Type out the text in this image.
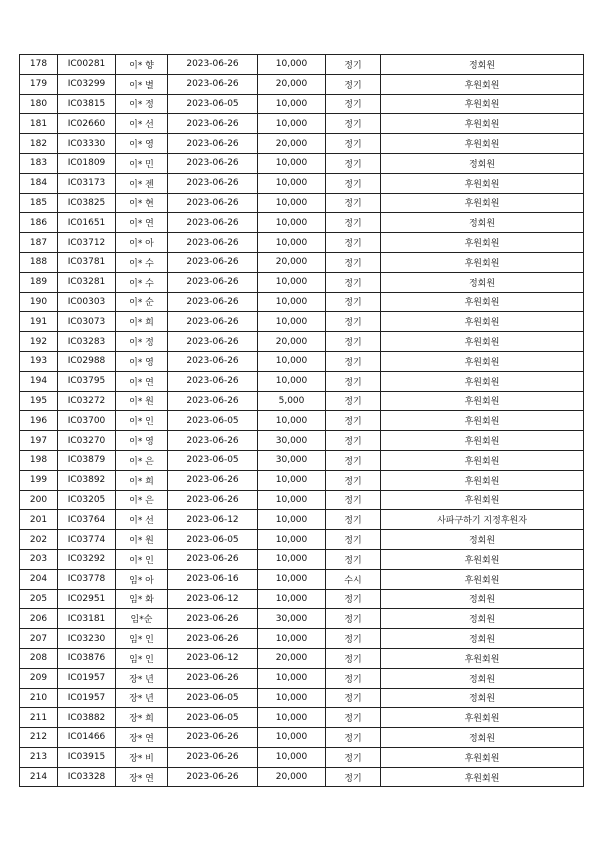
178	IC00281	이* 향	2023-06-26	10,000	정기	정회원
179	IC03299	이* 별	2023-06-26	20,000	정기	후원회원
180	IC03815	이* 정	2023-06-05	10,000	정기	후원회원
181	IC02660	이* 선	2023-06-26	10,000	정기	후원회원
182	IC03330	이* 영	2023-06-26	20,000	정기	후원회원
183	IC01809	이* 민	2023-06-26	10,000	정기	정회원
184	IC03173	이* 젠	2023-06-26	10,000	정기	후원회원
185	IC03825	이* 현	2023-06-26	10,000	정기	후원회원
186	IC01651	이* 연	2023-06-26	10,000	정기	정회원
187	IC03712	이* 아	2023-06-26	10,000	정기	후원회원
188	IC03781	이* 수	2023-06-26	20,000	정기	후원회원
189	IC03281	이* 수	2023-06-26	10,000	정기	정회원
190	IC00303	이* 순	2023-06-26	10,000	정기	후원회원
191	IC03073	이* 희	2023-06-26	10,000	정기	후원회원
192	IC03283	이* 정	2023-06-26	20,000	정기	후원회원
193	IC02988	이* 영	2023-06-26	10,000	정기	후원회원
194	IC03795	이* 연	2023-06-26	10,000	정기	후원회원
195	IC03272	이* 원	2023-06-26	5,000	정기	후원회원
196	IC03700	이* 인	2023-06-05	10,000	정기	후원회원
197	IC03270	이* 영	2023-06-26	30,000	정기	후원회원
198	IC03879	이* 은	2023-06-05	30,000	정기	후원회원
199	IC03892	이* 희	2023-06-26	10,000	정기	후원회원
200	IC03205	이* 은	2023-06-26	10,000	정기	후원회원
201	IC03764	이* 선	2023-06-12	10,000	정기	사파구하기 지정후원자
202	IC03774	이* 원	2023-06-05	10,000	정기	정회원
203	IC03292	이* 인	2023-06-26	10,000	정기	후원회원
204	IC03778	임* 아	2023-06-16	10,000	수시	후원회원
205	IC02951	임* 화	2023-06-12	10,000	정기	정회원
206	IC03181	임*순	2023-06-26	30,000	정기	정회원
207	IC03230	임* 인	2023-06-26	10,000	정기	정회원
208	IC03876	임* 인	2023-06-12	20,000	정기	후원회원
209	IC01957	장* 년	2023-06-26	10,000	정기	정회원
210	IC01957	장* 년	2023-06-05	10,000	정기	정회원
211	IC03882	장* 희	2023-06-05	10,000	정기	후원회원
212	IC01466	장* 연	2023-06-26	10,000	정기	정회원
213	IC03915	장* 비	2023-06-26	10,000	정기	후원회원
214	IC03328	장* 연	2023-06-26	20,000	정기	후원회원
